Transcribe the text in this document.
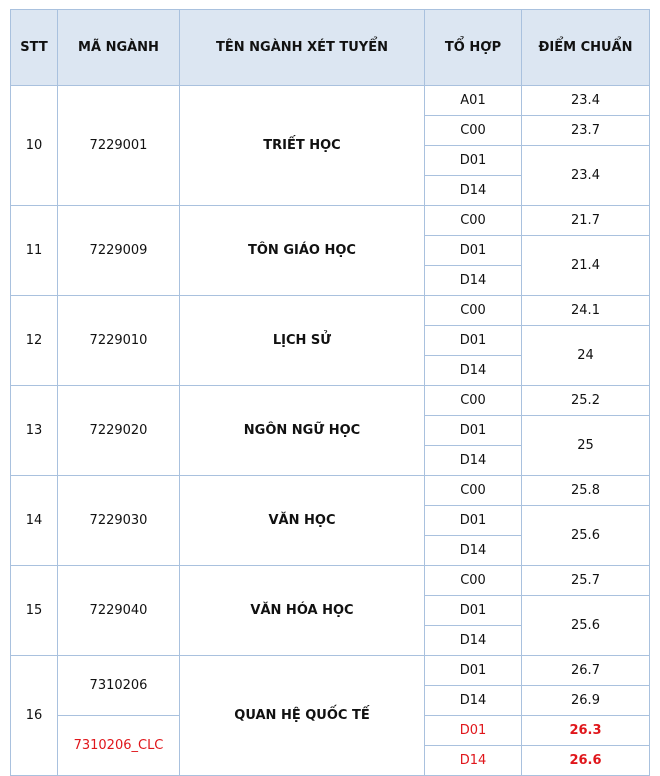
STT	MÃ NGÀNH	TÊN NGÀNH XÉT TUYỂN	TỔ HỢP	ĐIỂM CHUẨN
10	7229001	TRIẾT HỌC	A01	23.4
			C00	23.7
			D01	23.4
			D14	
11	7229009	TÔN GIÁO HỌC	C00	21.7
			D01	21.4
			D14	
12	7229010	LỊCH SỬ	C00	24.1
			D01	24
			D14	
13	7229020	NGÔN NGỮ HỌC	C00	25.2
			D01	25
			D14	
14	7229030	VĂN HỌC	C00	25.8
			D01	25.6
			D14	
15	7229040	VĂN HÓA HỌC	C00	25.7
			D01	25.6
			D14	
16	7310206	QUAN HỆ QUỐC TẾ	D01	26.7
			D14	26.9
	7310206_CLC		D01	26.3
			D14	26.6
